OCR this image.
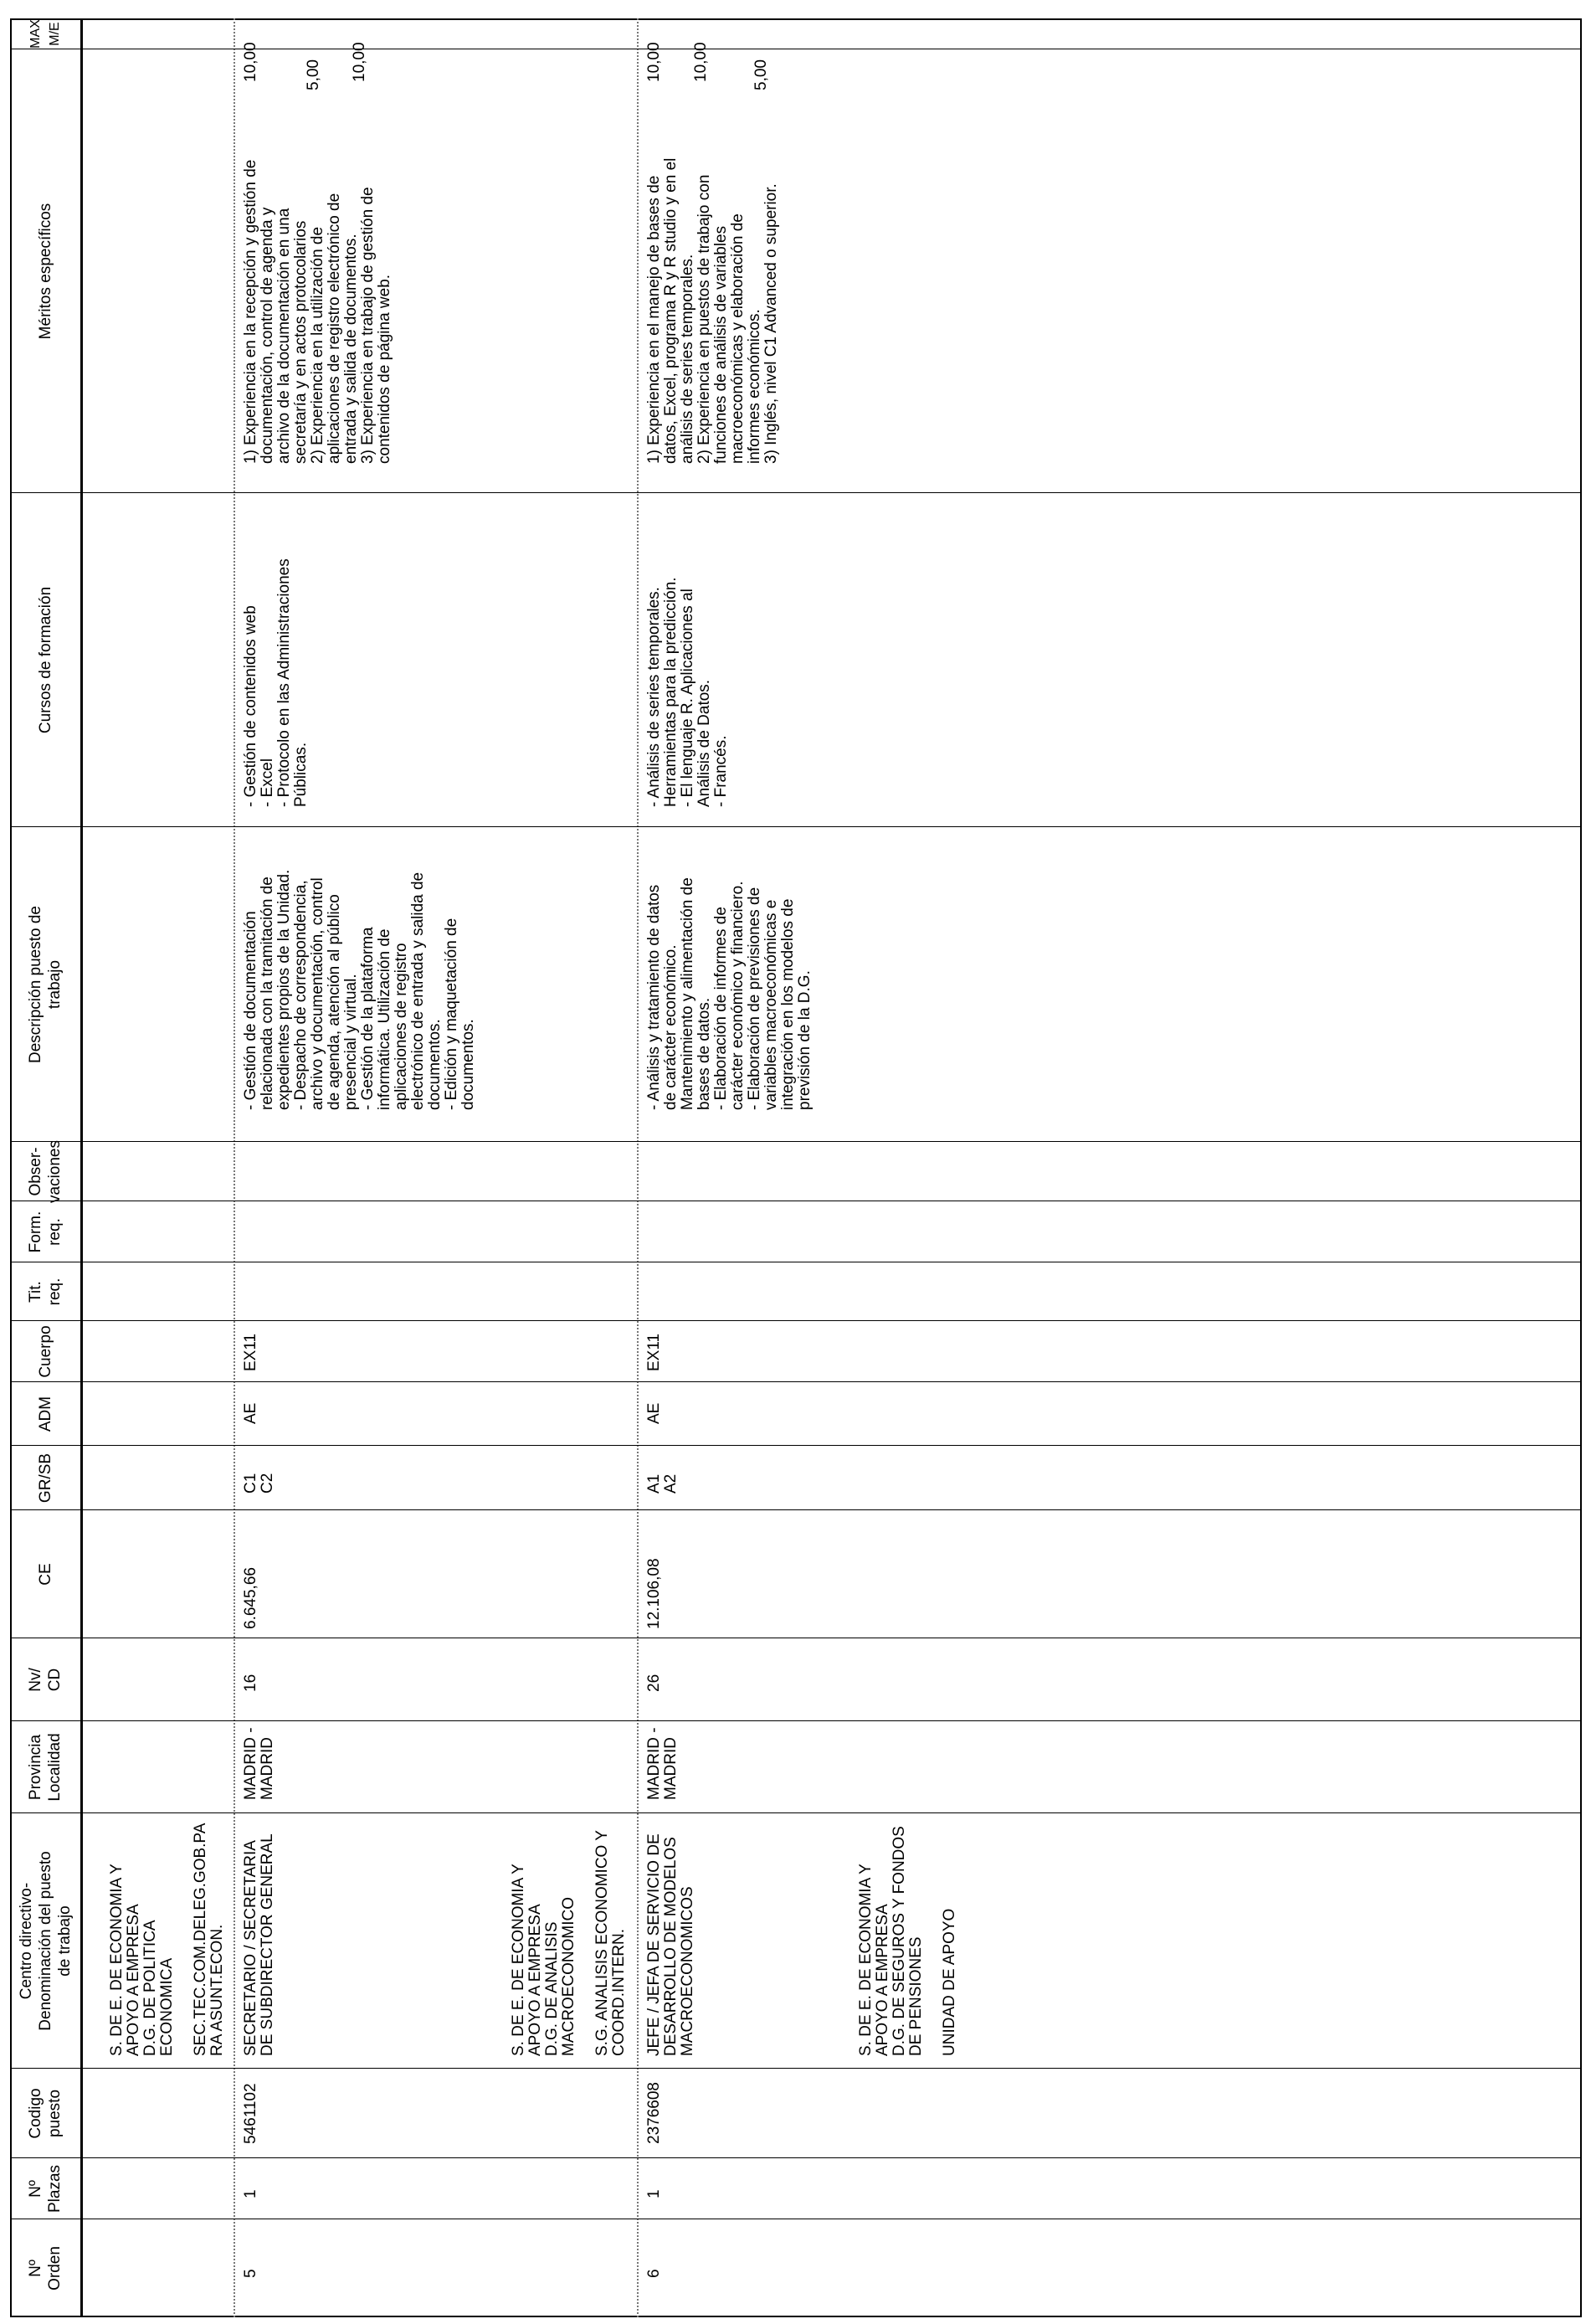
Nº
Orden
Nº
Plazas
Codigo
puesto
Centro directivo-
Denominación del puesto
de trabajo
Provincia
Localidad
Nv/
CD
CE
GR/SB
ADM
Cuerpo
Tit.
req.
Form.
req.
Obser-
vaciones
Descripción puesto de
trabajo
Cursos de formación
Méritos específicos
MAX M/E
S. DE E. DE ECONOMIA Y
APOYO A EMPRESA
D.G. DE POLITICA
ECONOMICA

SEC.TEC.COM.DELEG.GOB.PA
RA ASUNT.ECON.
5
1
5461102
SECRETARIO / SECRETARIA
DE SUBDIRECTOR GENERAL
MADRID -
MADRID
16
6.645,66
C1
C2
AE
EX11
- Gestión de documentación
relacionada con la tramitación de
expedientes propios de la Unidad.
- Despacho de correspondencia,
archivo y documentación, control
de agenda, atención al público
presencial y virtual.
- Gestión de la plataforma
informática. Utilización de
aplicaciones de registro
electrónico de entrada y salida de
documentos.
- Edición y maquetación de
documentos.
- Gestión de contenidos web
- Excel
- Protocolo en las Administraciones
Públicas.
1) Experiencia en la recepción y gestión de
documentación, control de agenda y
archivo de la documentación en una
secretaría y en actos protocolarios
2) Experiencia en la utilización de
aplicaciones de registro electrónico de
entrada y salida de documentos.
3) Experiencia en trabajo de gestión de
contenidos de página web.
10,00	5,00 10,00
S. DE E. DE ECONOMIA Y
APOYO A EMPRESA
D.G. DE ANALISIS
MACROECONOMICO

S.G. ANALISIS ECONOMICO Y
COORD.INTERN.
6
1
2376608
JEFE / JEFA DE SERVICIO DE
DESARROLLO DE MODELOS
MACROECONOMICOS
MADRID -
MADRID
26
12.106,08
A1
A2
AE
EX11
- Análisis y tratamiento de datos
de carácter económico.
Mantenimiento y alimentación de
bases de datos.
- Elaboración de informes de
carácter económico y financiero.
- Elaboración de previsiones de
variables macroeconómicas e
integración en los modelos de
previsión de la D.G.
- Análisis de series temporales.
Herramientas para la predicción.
- El lenguaje R. Aplicaciones al
Análisis de Datos.
- Francés.
1) Experiencia en el manejo de bases de
datos, Excel, programa R y R studio y en el
análisis de series temporales.
2) Experiencia en puestos de trabajo con
funciones de análisis de variables
macroeconómicas y elaboración de
informes económicos.
3) Inglés, nivel C1 Advanced o superior.
10,00 10,00	5,00
S. DE E. DE ECONOMIA Y
APOYO A EMPRESA
D.G. DE SEGUROS Y FONDOS
DE PENSIONES

UNIDAD DE APOYO
